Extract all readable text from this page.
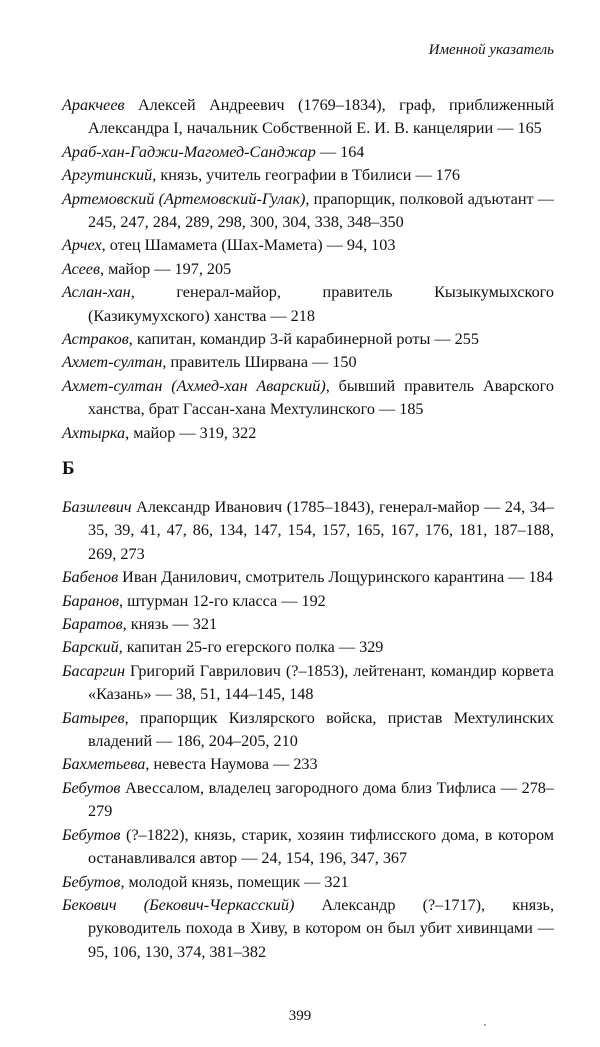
Именной указатель

Аракчеев Алексей Андреевич (1769–1834), граф, приближенный Александра I, начальник Собственной Е. И. В. канцелярии — 165

Араб-хан-Гаджи-Магомед-Санджар — 164

Аргутинский, князь, учитель географии в Тбилиси — 176

Артемовский (Артемовский-Гулак), прапорщик, полковой адъютант — 245, 247, 284, 289, 298, 300, 304, 338, 348–350

Арчех, отец Шамамета (Шах-Мамета) — 94, 103

Асеев, майор — 197, 205

Аслан-хан, генерал-майор, правитель Кызыкумыхского (Казикумухского) ханства — 218

Астраков, капитан, командир 3-й карабинерной роты — 255

Ахмет-султан, правитель Ширвана — 150

Ахмет-султан (Ахмед-хан Аварский), бывший правитель Аварского ханства, брат Гассан-хана Мехтулинского — 185

Ахтырка, майор — 319, 322

Б

Базилевич Александр Иванович (1785–1843), генерал-майор — 24, 34–35, 39, 41, 47, 86, 134, 147, 154, 157, 165, 167, 176, 181, 187–188, 269, 273

Бабенов Иван Данилович, смотритель Лощуринского карантина — 184

Баранов, штурман 12-го класса — 192

Баратов, князь — 321

Барский, капитан 25-го егерского полка — 329

Басаргин Григорий Гаврилович (?–1853), лейтенант, командир корвета «Казань» — 38, 51, 144–145, 148

Батырев, прапорщик Кизлярского войска, пристав Мехтулинских владений — 186, 204–205, 210

Бахметьева, невеста Наумова — 233

Бебутов Авессалом, владелец загородного дома близ Тифлиса — 278–279

Бебутов (?–1822), князь, старик, хозяин тифлисского дома, в котором останавливался автор — 24, 154, 196, 347, 367

Бебутов, молодой князь, помещик — 321

Бекович (Бекович-Черкасский) Александр (?–1717), князь, руководитель похода в Хиву, в котором он был убит хивинцами — 95, 106, 130, 374, 381–382

399
